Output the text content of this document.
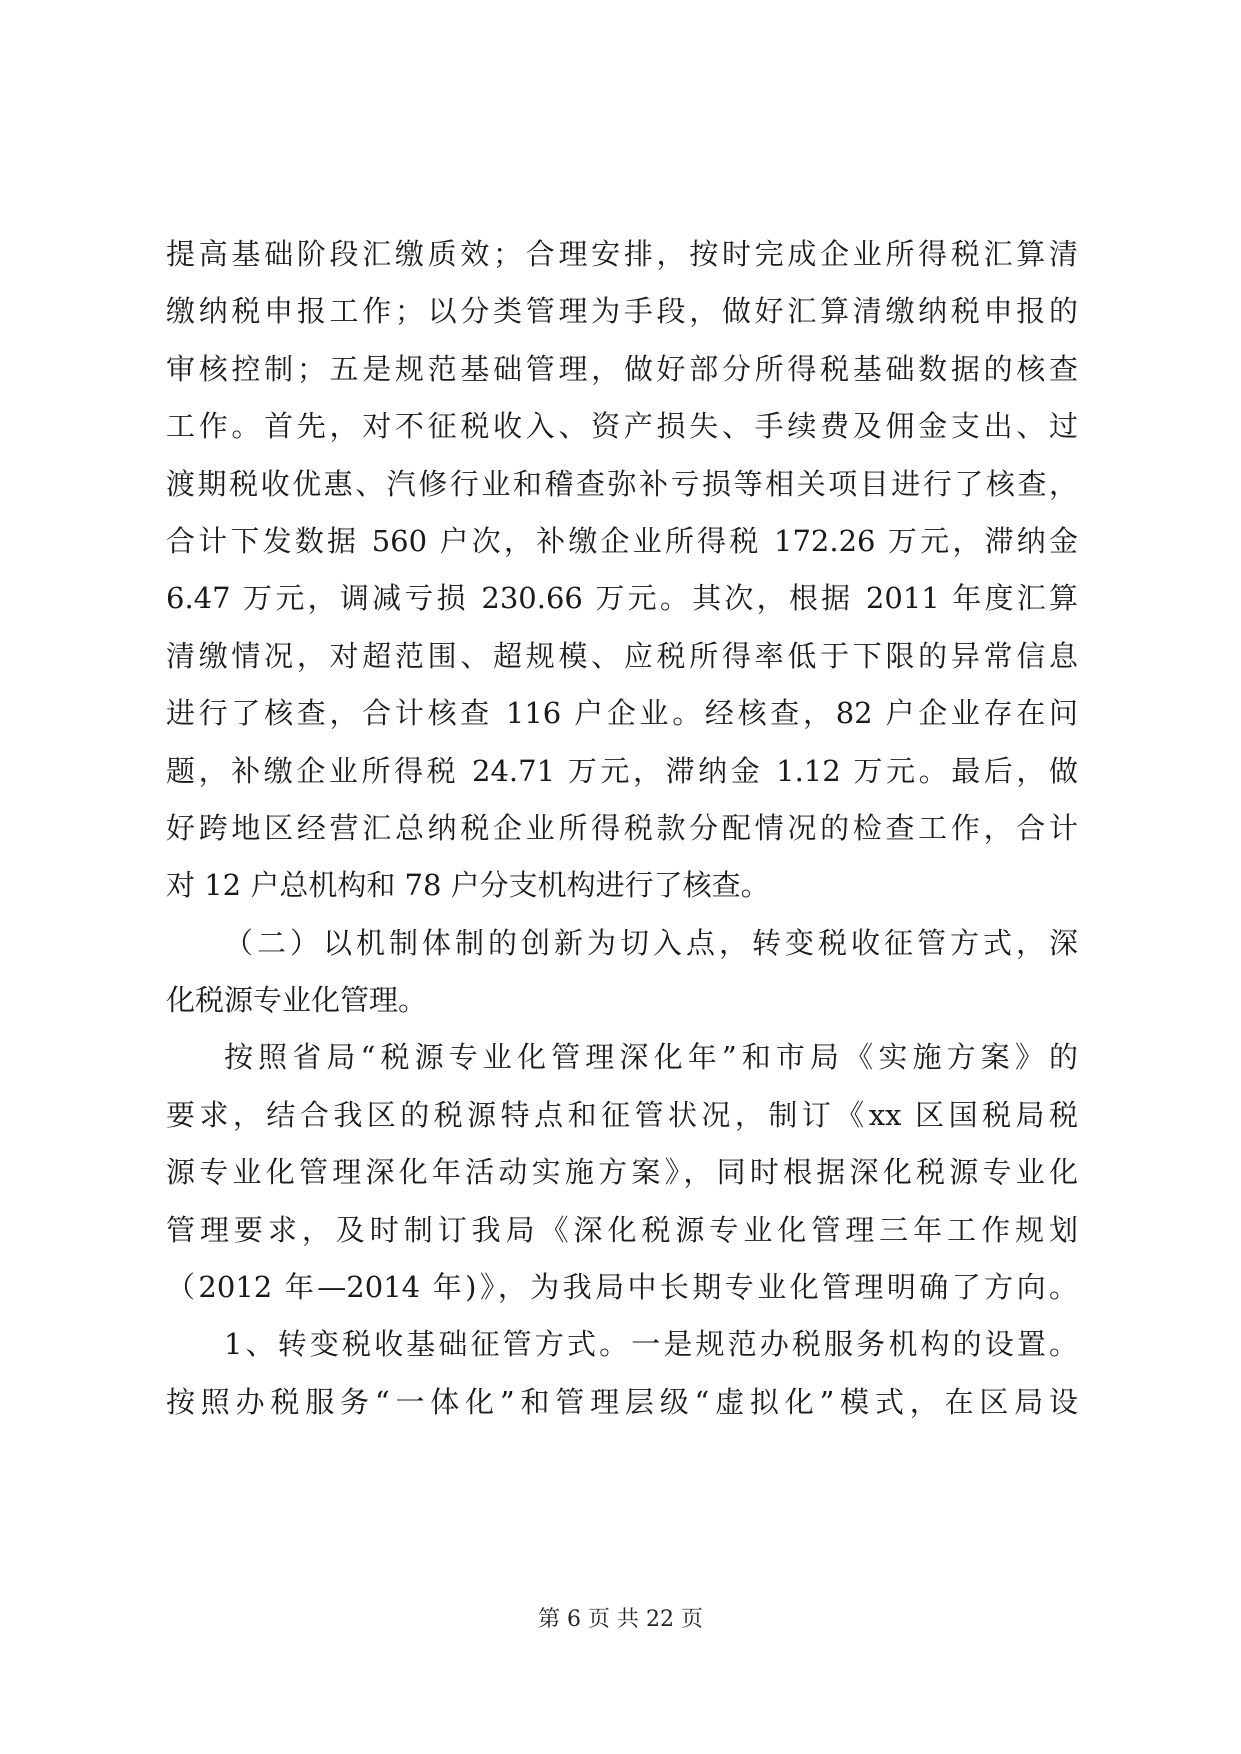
提高基础阶段汇缴质效；合理安排，按时完成企业所得税汇算清
缴纳税申报工作；以分类管理为手段，做好汇算清缴纳税申报的
审核控制；五是规范基础管理，做好部分所得税基础数据的核查
工作。首先，对不征税收入、资产损失、手续费及佣金支出、过
渡期税收优惠、汽修行业和稽查弥补亏损等相关项目进行了核查，
合计下发数据 560 户次，补缴企业所得税 172.26 万元，滞纳金
6.47 万元，调减亏损 230.66 万元。其次，根据 2011 年度汇算
清缴情况，对超范围、超规模、应税所得率低于下限的异常信息
进行了核查，合计核查 116 户企业。经核查，82 户企业存在问
题，补缴企业所得税 24.71 万元，滞纳金 1.12 万元。最后，做
好跨地区经营汇总纳税企业所得税款分配情况的检查工作，合计
对 12 户总机构和 78 户分支机构进行了核查。
（二）以机制体制的创新为切入点，转变税收征管方式，深
化税源专业化管理。
按照省局“税源专业化管理深化年”和市局《实施方案》的
要求，结合我区的税源特点和征管状况，制订《xx 区国税局税
源专业化管理深化年活动实施方案》，同时根据深化税源专业化
管理要求，及时制订我局《深化税源专业化管理三年工作规划
（2012 年—2014 年)》，为我局中长期专业化管理明确了方向。
1、转变税收基础征管方式。一是规范办税服务机构的设置。
按照办税服务“一体化”和管理层级“虚拟化”模式，在区局设
第 6 页 共 22 页
